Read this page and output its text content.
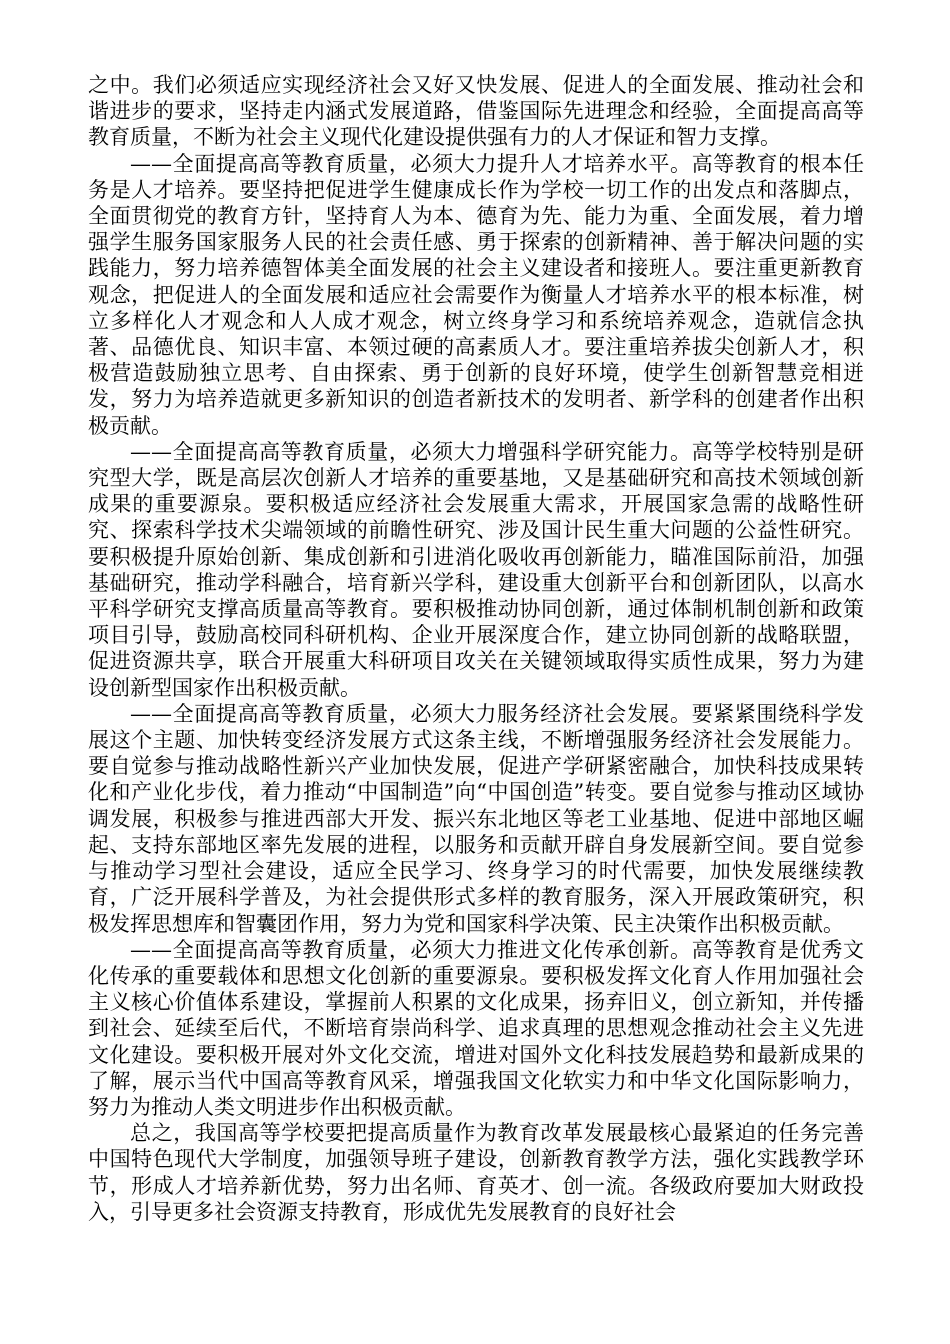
之中。我们必须适应实现经济社会又好又快发展、促进人的全面发展、推动社会和谐进步的要求，坚持走内涵式发展道路，借鉴国际先进理念和经验，全面提高高等教育质量，不断为社会主义现代化建设提供强有力的人才保证和智力支撑。

——全面提高高等教育质量，必须大力提升人才培养水平。高等教育的根本任务是人才培养。要坚持把促进学生健康成长作为学校一切工作的出发点和落脚点，全面贯彻党的教育方针，坚持育人为本、德育为先、能力为重、全面发展，着力增强学生服务国家服务人民的社会责任感、勇于探索的创新精神、善于解决问题的实践能力，努力培养德智体美全面发展的社会主义建设者和接班人。要注重更新教育观念，把促进人的全面发展和适应社会需要作为衡量人才培养水平的根本标准，树立多样化人才观念和人人成才观念，树立终身学习和系统培养观念，造就信念执著、品德优良、知识丰富、本领过硬的高素质人才。要注重培养拔尖创新人才，积极营造鼓励独立思考、自由探索、勇于创新的良好环境，使学生创新智慧竞相迸发，努力为培养造就更多新知识的创造者新技术的发明者、新学科的创建者作出积极贡献。

——全面提高高等教育质量，必须大力增强科学研究能力。高等学校特别是研究型大学，既是高层次创新人才培养的重要基地，又是基础研究和高技术领域创新成果的重要源泉。要积极适应经济社会发展重大需求，开展国家急需的战略性研究、探索科学技术尖端领域的前瞻性研究、涉及国计民生重大问题的公益性研究。要积极提升原始创新、集成创新和引进消化吸收再创新能力，瞄准国际前沿，加强基础研究，推动学科融合，培育新兴学科，建设重大创新平台和创新团队，以高水平科学研究支撑高质量高等教育。要积极推动协同创新，通过体制机制创新和政策项目引导，鼓励高校同科研机构、企业开展深度合作，建立协同创新的战略联盟，促进资源共享，联合开展重大科研项目攻关在关键领域取得实质性成果，努力为建设创新型国家作出积极贡献。

——全面提高高等教育质量，必须大力服务经济社会发展。要紧紧围绕科学发展这个主题、加快转变经济发展方式这条主线，不断增强服务经济社会发展能力。要自觉参与推动战略性新兴产业加快发展，促进产学研紧密融合，加快科技成果转化和产业化步伐，着力推动“中国制造”向“中国创造”转变。要自觉参与推动区域协调发展，积极参与推进西部大开发、振兴东北地区等老工业基地、促进中部地区崛起、支持东部地区率先发展的进程，以服务和贡献开辟自身发展新空间。要自觉参与推动学习型社会建设，适应全民学习、终身学习的时代需要，加快发展继续教育，广泛开展科学普及，为社会提供形式多样的教育服务，深入开展政策研究，积极发挥思想库和智囊团作用，努力为党和国家科学决策、民主决策作出积极贡献。

——全面提高高等教育质量，必须大力推进文化传承创新。高等教育是优秀文化传承的重要载体和思想文化创新的重要源泉。要积极发挥文化育人作用加强社会主义核心价值体系建设，掌握前人积累的文化成果，扬弃旧义，创立新知，并传播到社会、延续至后代，不断培育崇尚科学、追求真理的思想观念推动社会主义先进文化建设。要积极开展对外文化交流，增进对国外文化科技发展趋势和最新成果的了解，展示当代中国高等教育风采，增强我国文化软实力和中华文化国际影响力，努力为推动人类文明进步作出积极贡献。

总之，我国高等学校要把提高质量作为教育改革发展最核心最紧迫的任务完善中国特色现代大学制度，加强领导班子建设，创新教育教学方法，强化实践教学环节，形成人才培养新优势，努力出名师、育英才、创一流。各级政府要加大财政投入，引导更多社会资源支持教育，形成优先发展教育的良好社会
